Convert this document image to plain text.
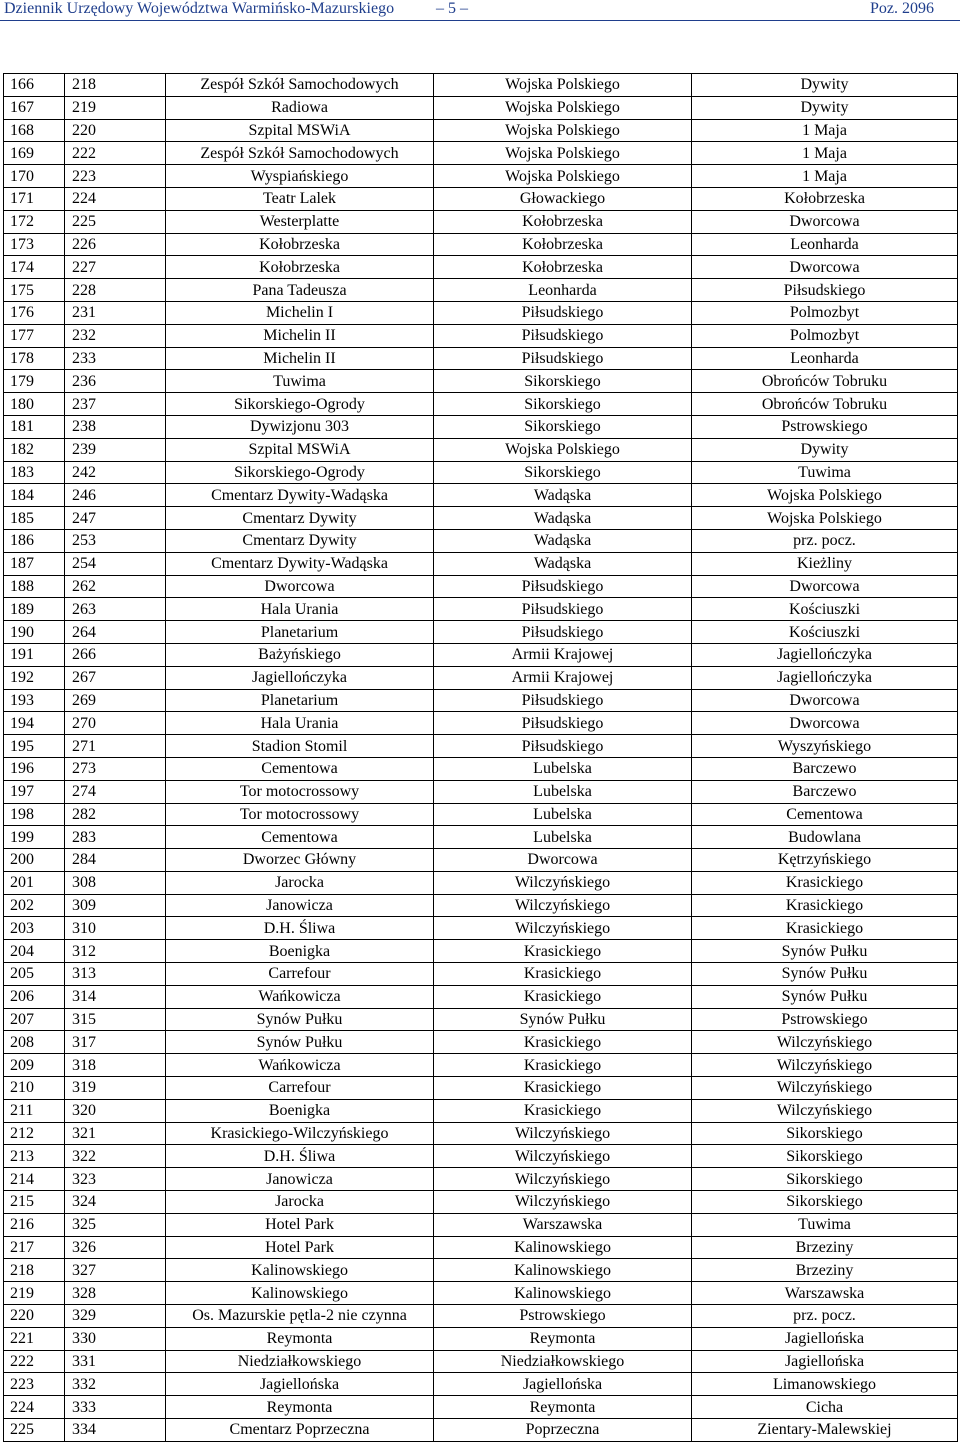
Dziennik Urzędowy Województwa Warmińsko-Mazurskiego	– 5 –	Poz. 2096
166	218	Zespół Szkół Samochodowych	Wojska Polskiego	Dywity
167	219	Radiowa	Wojska Polskiego	Dywity
168	220	Szpital MSWiA	Wojska Polskiego	1 Maja
169	222	Zespół Szkół Samochodowych	Wojska Polskiego	1 Maja
170	223	Wyspiańskiego	Wojska Polskiego	1 Maja
171	224	Teatr Lalek	Głowackiego	Kołobrzeska
172	225	Westerplatte	Kołobrzeska	Dworcowa
173	226	Kołobrzeska	Kołobrzeska	Leonharda
174	227	Kołobrzeska	Kołobrzeska	Dworcowa
175	228	Pana Tadeusza	Leonharda	Piłsudskiego
176	231	Michelin I	Piłsudskiego	Polmozbyt
177	232	Michelin II	Piłsudskiego	Polmozbyt
178	233	Michelin II	Piłsudskiego	Leonharda
179	236	Tuwima	Sikorskiego	Obrońców Tobruku
180	237	Sikorskiego-Ogrody	Sikorskiego	Obrońców Tobruku
181	238	Dywizjonu 303	Sikorskiego	Pstrowskiego
182	239	Szpital MSWiA	Wojska Polskiego	Dywity
183	242	Sikorskiego-Ogrody	Sikorskiego	Tuwima
184	246	Cmentarz Dywity-Wadąska	Wadąska	Wojska Polskiego
185	247	Cmentarz Dywity	Wadąska	Wojska Polskiego
186	253	Cmentarz Dywity	Wadąska	prz. pocz.
187	254	Cmentarz Dywity-Wadąska	Wadąska	Kieżliny
188	262	Dworcowa	Piłsudskiego	Dworcowa
189	263	Hala Urania	Piłsudskiego	Kościuszki
190	264	Planetarium	Piłsudskiego	Kościuszki
191	266	Bażyńskiego	Armii Krajowej	Jagiellończyka
192	267	Jagiellończyka	Armii Krajowej	Jagiellończyka
193	269	Planetarium	Piłsudskiego	Dworcowa
194	270	Hala Urania	Piłsudskiego	Dworcowa
195	271	Stadion Stomil	Piłsudskiego	Wyszyńskiego
196	273	Cementowa	Lubelska	Barczewo
197	274	Tor motocrossowy	Lubelska	Barczewo
198	282	Tor motocrossowy	Lubelska	Cementowa
199	283	Cementowa	Lubelska	Budowlana
200	284	Dworzec Główny	Dworcowa	Kętrzyńskiego
201	308	Jarocka	Wilczyńskiego	Krasickiego
202	309	Janowicza	Wilczyńskiego	Krasickiego
203	310	D.H. Śliwa	Wilczyńskiego	Krasickiego
204	312	Boenigka	Krasickiego	Synów Pułku
205	313	Carrefour	Krasickiego	Synów Pułku
206	314	Wańkowicza	Krasickiego	Synów Pułku
207	315	Synów Pułku	Synów Pułku	Pstrowskiego
208	317	Synów Pułku	Krasickiego	Wilczyńskiego
209	318	Wańkowicza	Krasickiego	Wilczyńskiego
210	319	Carrefour	Krasickiego	Wilczyńskiego
211	320	Boenigka	Krasickiego	Wilczyńskiego
212	321	Krasickiego-Wilczyńskiego	Wilczyńskiego	Sikorskiego
213	322	D.H. Śliwa	Wilczyńskiego	Sikorskiego
214	323	Janowicza	Wilczyńskiego	Sikorskiego
215	324	Jarocka	Wilczyńskiego	Sikorskiego
216	325	Hotel Park	Warszawska	Tuwima
217	326	Hotel Park	Kalinowskiego	Brzeziny
218	327	Kalinowskiego	Kalinowskiego	Brzeziny
219	328	Kalinowskiego	Kalinowskiego	Warszawska
220	329	Os. Mazurskie pętla-2 nie czynna	Pstrowskiego	prz. pocz.
221	330	Reymonta	Reymonta	Jagiellońska
222	331	Niedziałkowskiego	Niedziałkowskiego	Jagiellońska
223	332	Jagiellońska	Jagiellońska	Limanowskiego
224	333	Reymonta	Reymonta	Cicha
225	334	Cmentarz Poprzeczna	Poprzeczna	Zientary-Malewskiej
